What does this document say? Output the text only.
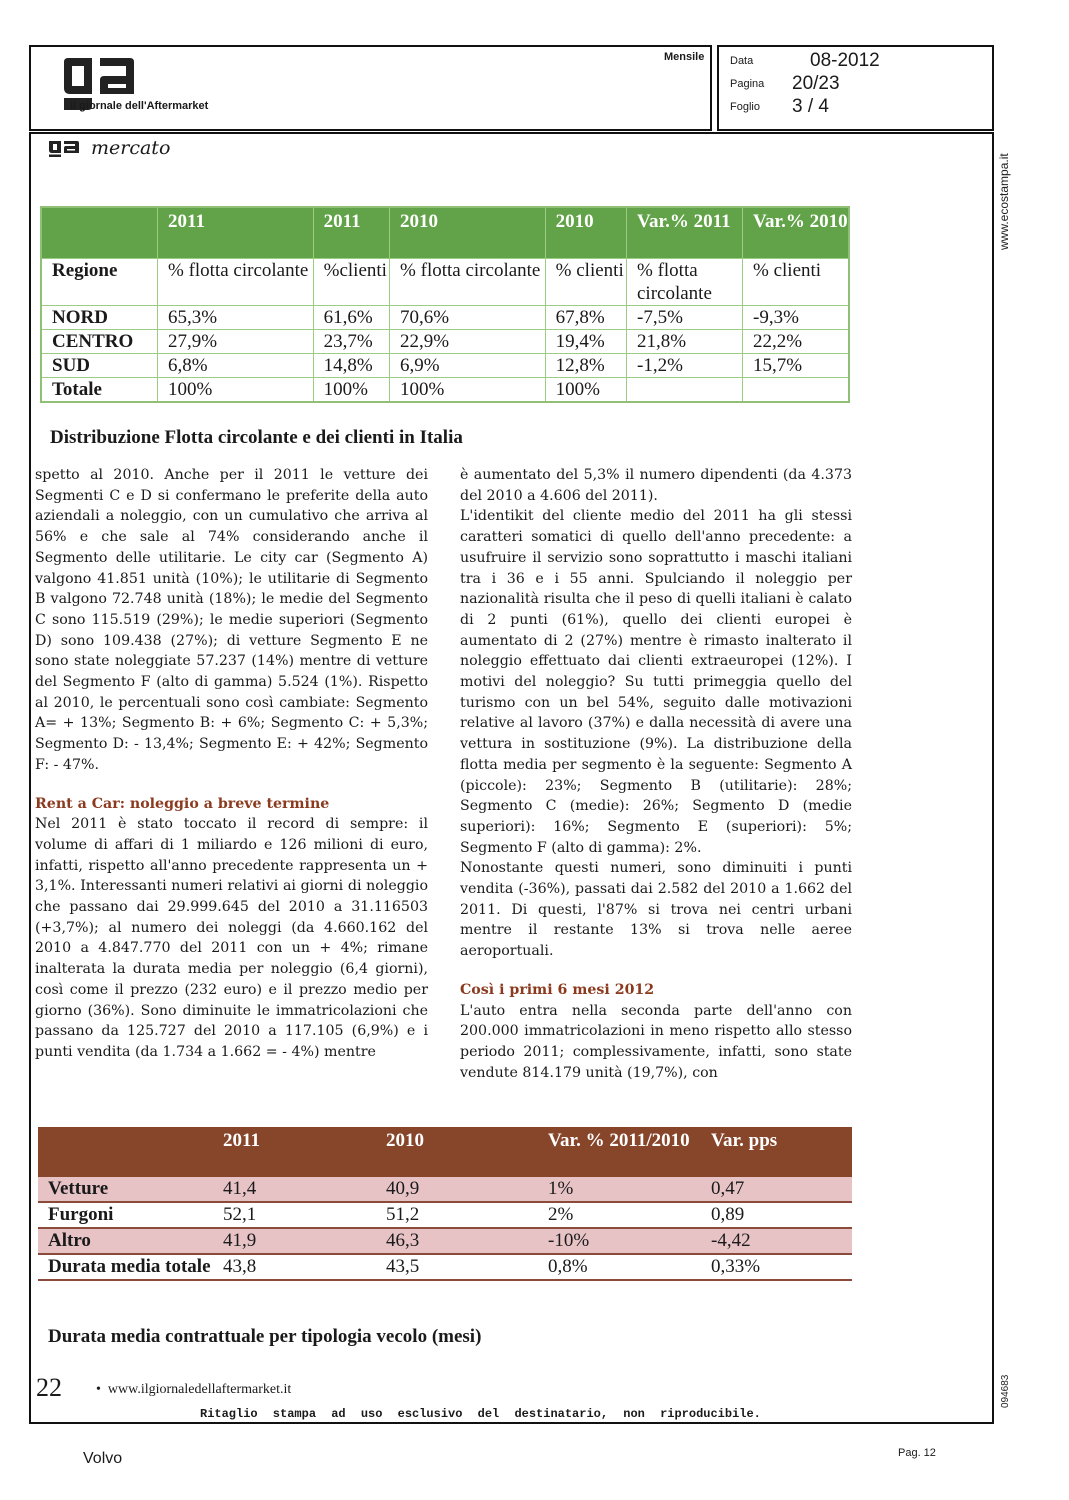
il giornale dell'Aftermarket
Mensile Data	08-2012
Pagina 20/23
Foglio 3 / 4
mercato
www.ecostampa.it
094683
	2011	2011	2010	2010	Var.% 2011	Var.% 2010
Regione	% flotta circolante	%clienti	% flotta circolante	% clienti	% flotta circolante	% clienti
NORD	65,3%	61,6%	70,6%	67,8%	-7,5%	-9,3%
CENTRO	27,9%	23,7%	22,9%	19,4%	21,8%	22,2%
SUD	6,8%	14,8%	6,9%	12,8%	-1,2%	15,7%
Totale	100%	100%	100%	100%		
Distribuzione Flotta circolante e dei clienti in Italia

spetto al 2010. Anche per il 2011 le vetture dei Segmenti C e D si confermano le preferite della auto aziendali a noleggio, con un cumulativo che arriva al 56% e che sale al 74% considerando anche il Segmento delle utilitarie. Le city car (Segmento A) valgono 41.851 unità (10%); le utilitarie di Segmento B valgono 72.748 unità (18%); le medie del Segmento C sono 115.519 (29%); le medie superiori (Segmento D) sono 109.438 (27%); di vetture Segmento E ne sono state noleggiate 57.237 (14%) mentre di vetture del Segmento F (alto di gamma) 5.524 (1%). Rispetto al 2010, le percentuali sono così cambiate: Segmento A= + 13%; Segmento B: + 6%; Segmento C: + 5,3%; Segmento D: - 13,4%; Segmento E: + 42%; Segmento F: - 47%.

Rent a Car: noleggio a breve termine

Nel 2011 è stato toccato il record di sempre: il volume di affari di 1 miliardo e 126 milioni di euro, infatti, rispetto all'anno precedente rappresenta un + 3,1%. Interessanti numeri relativi ai giorni di noleggio che passano dai 29.999.645 del 2010 a 31.116503 (+3,7%); al numero dei noleggi (da 4.660.162 del 2010 a 4.847.770 del 2011 con un + 4%; rimane inalterata la durata media per noleggio (6,4 giorni), così come il prezzo (232 euro) e il prezzo medio per giorno (36%). Sono diminuite le immatricolazioni che passano da 125.727 del 2010 a 117.105 (6,9%) e i punti vendita (da 1.734 a 1.662 = - 4%) mentre

è aumentato del 5,3% il numero dipendenti (da 4.373 del 2010 a 4.606 del 2011).

L'identikit del cliente medio del 2011 ha gli stessi caratteri somatici di quello dell'anno precedente: a usufruire il servizio sono soprattutto i maschi italiani tra i 36 e i 55 anni. Spulciando il noleggio per nazionalità risulta che il peso di quelli italiani è calato di 2 punti (61%), quello dei clienti europei è aumentato di 2 (27%) mentre è rimasto inalterato il noleggio effettuato dai clienti extraeuropei (12%). I motivi del noleggio? Su tutti primeggia quello del turismo con un bel 54%, seguito dalle motivazioni relative al lavoro (37%) e dalla necessità di avere una vettura in sostituzione (9%). La distribuzione della flotta media per segmento è la seguente: Segmento A (piccole): 23%; Segmento B (utilitarie): 28%; Segmento C (medie): 26%; Segmento D (medie superiori): 16%; Segmento E (superiori): 5%; Segmento F (alto di gamma): 2%.

Nonostante questi numeri, sono diminuiti i punti vendita (-36%), passati dai 2.582 del 2010 a 1.662 del 2011. Di questi, l'87% si trova nei centri urbani mentre il restante 13% si trova nelle aeree aeroportuali.

Così i primi 6 mesi 2012

L'auto entra nella seconda parte dell'anno con 200.000 immatricolazioni in meno rispetto allo stesso periodo 2011; complessivamente, infatti, sono state vendute 814.179 unità (19,7%), con

	2011	2010	Var. % 2011/2010	Var. pps
Vetture	41,4	40,9	1%	0,47
Furgoni	52,1	51,2	2%	0,89
Altro	41,9	46,3	-10%	-4,42
Durata media totale	43,8	43,5	0,8%	0,33%
Durata media contrattuale per tipologia vecolo (mesi)
22 •  www.ilgiornaledellaftermarket.it
Ritaglio stampa ad uso esclusivo del destinatario, non riproducibile.
Volvo	Pag. 12
